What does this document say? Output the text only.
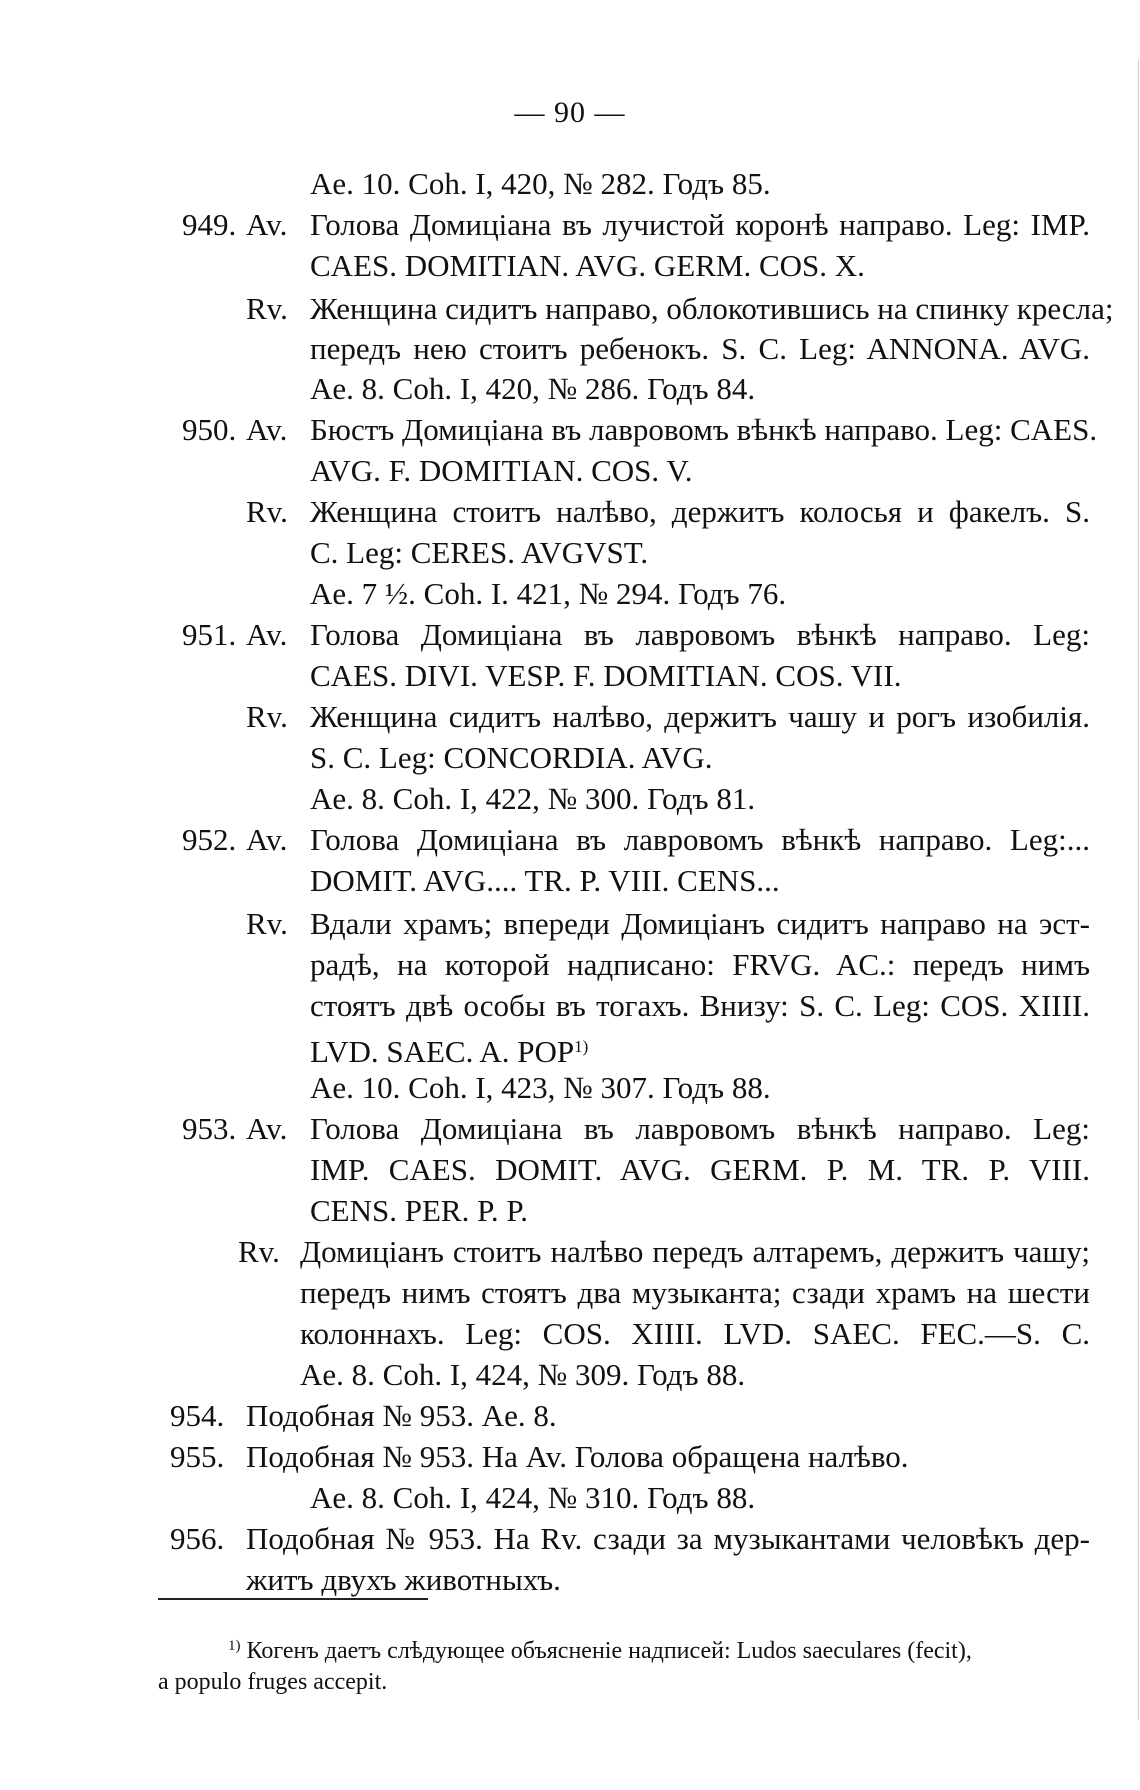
— 90 —
Ae. 10. Coh. I, 420, № 282. Годъ 85.
949. Av. Голова Домиціана въ лучистой коронѣ направо. Leg: IMP.
CAES. DOMITIAN. AVG. GERM. COS. X.
Rv. Женщина сидитъ направо, облокотившись на спинку кресла;
передъ нею стоитъ ребенокъ. S. C. Leg: ANNONA. AVG.
Ae. 8. Coh. I, 420, № 286. Годъ 84.
950. Av. Бюстъ Домиціана въ лавровомъ вѣнкѣ направо. Leg: CAES.
AVG. F. DOMITIAN. COS. V.
Rv. Женщина стоитъ налѣво, держитъ колосья и факелъ. S.
C. Leg: CERES. AVGVST.
Ae. 7 ½. Coh. I. 421, № 294. Годъ 76.
951. Av. Голова Домиціана въ лавровомъ вѣнкѣ направо. Leg:
CAES. DIVI. VESP. F. DOMITIAN. COS. VII.
Rv. Женщина сидитъ налѣво, держитъ чашу и рогъ изобилія.
S. C. Leg: CONCORDIA. AVG.
Ae. 8. Coh. I, 422, № 300. Годъ 81.
952. Av. Голова Домиціана въ лавровомъ вѣнкѣ направо. Leg:...
DOMIT. AVG.... TR. P. VIII. CENS...
Rv. Вдали храмъ; впереди Домиціанъ сидитъ направо на эст-
радѣ, на которой надписано: FRVG. AC.: передъ нимъ
стоятъ двѣ особы въ тогахъ. Внизу: S. C. Leg: COS. XIIII.
LVD. SAEC. A. POP$^{1)}$
Ae. 10. Coh. I, 423, № 307. Годъ 88.
953. Av. Голова Домиціана въ лавровомъ вѣнкѣ направо. Leg:
IMP. CAES. DOMIT. AVG. GERM. P. M. TR. P. VIII.
CENS. PER. P. P.
Rv. Домиціанъ стоитъ налѣво передъ алтаремъ, держитъ чашу;
передъ нимъ стоятъ два музыканта; сзади храмъ на шести
колоннахъ. Leg: COS. XIIII. LVD. SAEC. FEC.—S. C.
Ae. 8. Coh. I, 424, № 309. Годъ 88.
954. Подобная № 953. Ae. 8.
955. Подобная № 953. На Av. Голова обращена налѣво.
Ae. 8. Coh. I, 424, № 310. Годъ 88.
956. Подобная № 953. На Rv. сзади за музыкантами человѣкъ дер-
житъ двухъ животныхъ.
$^{1)}$ Когенъ даетъ слѣдующее объясненіе надписей: Ludos saeculares (fecit),
a populo fruges accepit.
